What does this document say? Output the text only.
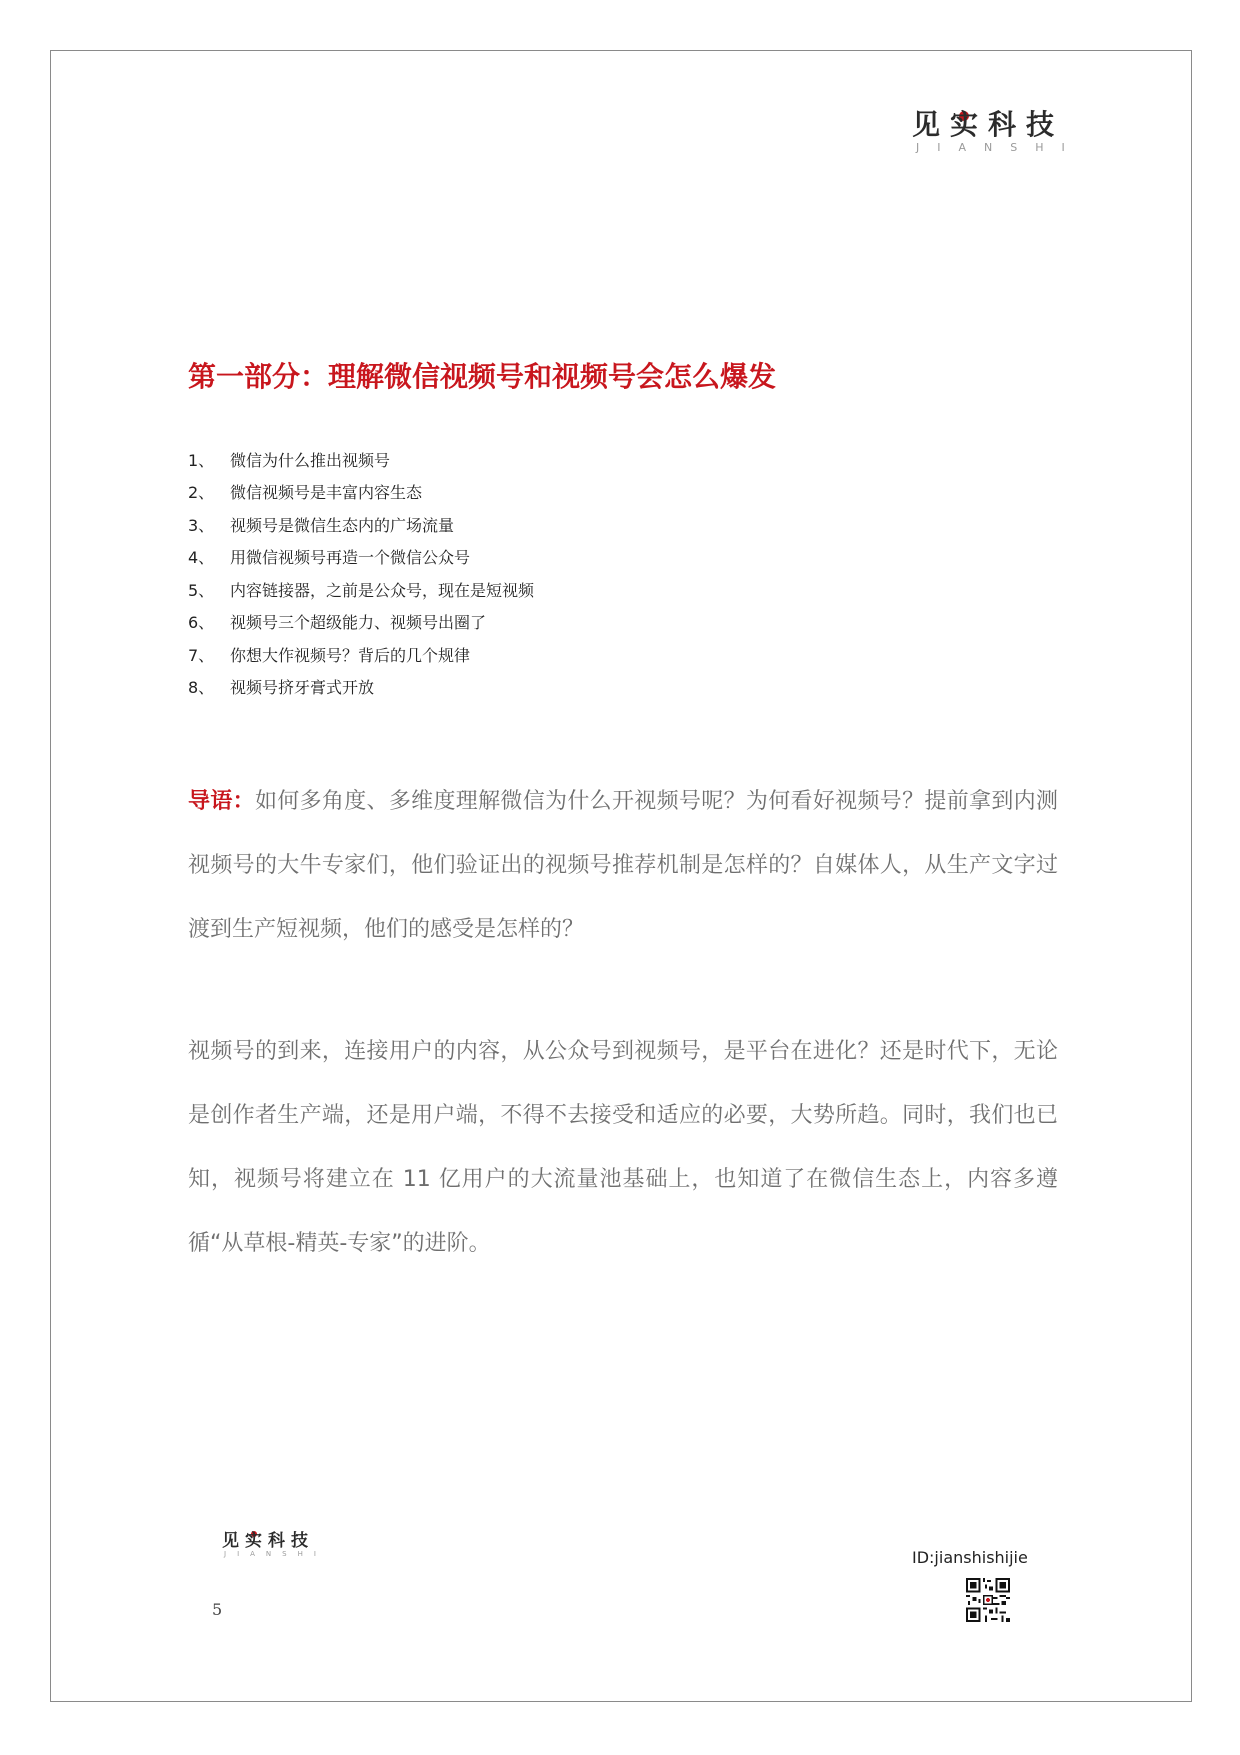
见 实 科 技
JIANSHI
第一部分：理解微信视频号和视频号会怎么爆发
1、 微信为什么推出视频号
2、 微信视频号是丰富内容生态
3、 视频号是微信生态内的广场流量
4、 用微信视频号再造一个微信公众号
5、 内容链接器，之前是公众号，现在是短视频
6、 视频号三个超级能力、视频号出圈了
7、 你想大作视频号？背后的几个规律
8、 视频号挤牙膏式开放

导语：如何多角度、多维度理解微信为什么开视频号呢？为何看好视频号？提前拿到内测视频号的大牛专家们，他们验证出的视频号推荐机制是怎样的？自媒体人，从生产文字过渡到生产短视频，他们的感受是怎样的？

视频号的到来，连接用户的内容，从公众号到视频号，是平台在进化？还是时代下，无论是创作者生产端，还是用户端，不得不去接受和适应的必要，大势所趋。同时，我们也已知，视频号将建立在 11 亿用户的大流量池基础上，也知道了在微信生态上，内容多遵循“从草根-精英-专家”的进阶。

见 实 科 技
JIANSHI
5
ID:jianshishijie
